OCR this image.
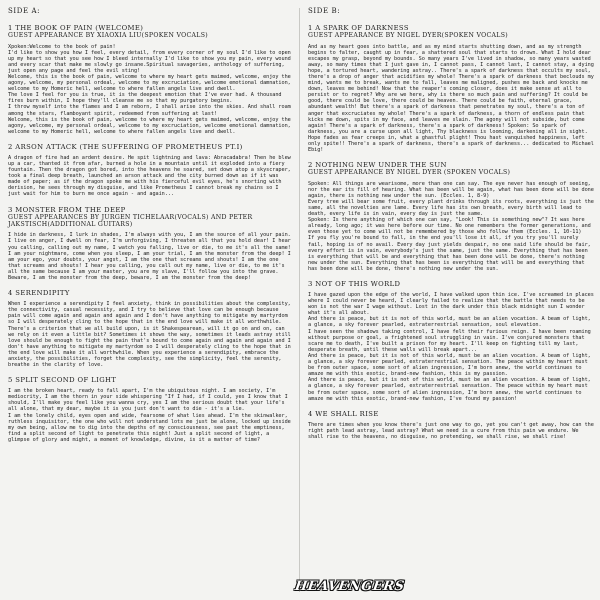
SIDE A:
1 THE BOOK OF PAIN (WELCOME)
GUEST APPEARANCE BY XIAOXIA LIU(SPOKEN VOCALS)

Xpoken:Welcome to the book of pain!

I'd like to show you how I feel, every detail, from every corner of my soul I'd like to open up my heart so that you see how I bleed internally I'd like to show you my pain, every wound and every scar that make me slowly go insane.Spiritual savageries, anthology of suffering, just open any page and feel the evil sting!

Welcome, this is the book of pain, welcome to where my heart gets maimed, welcome, enjoy the agony, welcome, my personal ordeal, welcome to my excruciation, welcome emotional damnation, welcome to my Homeric hell, welcome to where fallen angels live and dwell.

The love I feel for you is true, it is the deepest emotion that I've ever had. A thousand fires burn within, I hope they'll cleanse me so that my purgatory begins.

I throw myself into the flames and I am reborn, I shall arise into the skies. And shall roam among the stars, flamboyant spirit, redeemed from suffering at last!

Welcome, this is the book of pain, welcome to where my heart gets maimed, welcome, enjoy the agony, welcome, my personal ordeal, welcome to my excruciation, welcome emotional damnation, welcome to my Homeric hell, welcome to where fallen angels live and dwell.

2 ARSON ATTACK (THE SUFFERING OF PROMETHEUS PT.I)

A dragon of fire had an ardent desire. He spit lightning and lava: Abracadabra! Then he blew up a car, thanted it from afar, burned a hole in a mountain until it exploded into a fiery fountain. Then the dragon got bored, into the heavens he soared, set down atop a skyscraper, took a final deep breath, launched an arson attack and the city burned down as if it was made of paper; as if the dragon spoke me with his fierceful evil eyes, he's snorting with derision, he sees through my disguise, and like Prometheus I cannot break my chains so I just wait for him to burn me once again - and again...

3 MONSTER FROM THE DEEP
GUEST APPEARANCES BY JURGEN TICHELAAR(VOCALS) AND PETER JAKSTISCH(ADDITIONAL GUITARS)

I hide in darkness, I lurk in shades, I'm always with you, I am the source of all your pain. I live on anger, I dwell on fear, I'm unforgiving, I threaten all that you hold dear! I hear you calling, calling out my name, I watch you falling, live or die, to me it's all the same! I am your nightmare, come when you sleep, I am your trial, I am the monster from the deep! I am your ego, your doubts, your angst, I am the one that screams and shouts! I am the one that screams and shouts! I hear you calling, you call out my name, live or die, to me it's all the same because I am your master, you are my slave, I'll follow you into the grave. Beware, I am the monster from the deep, beware, I am the monster from the deep!

4 SERENDIPITY

When I experience a serendipity I feel anxiety, think in possibilities about the complexity, the connectivity, casual necessity, and I try to believe that love can be enough because pain will come again and again and again and I don't have anything to mitigate my martyrdom so I will desperately cling to the hope that in the end love will make it all worthwhile. There's a criterion that we all build upon, is it Shakespearean, will it go on and on, can we rely on it even a little bit? Sometimes it shows the way, sometimes it leads astray still love should be enough to fight the pain that's bound to come again and again and again and I don't have anything to mitigate my martyrdom so I will desperately cling to the hope that in the end love will make it all worthwhile. When you experience a serendipity, embrace the anxiety, the possibilities, forget the complexity, see the simplicity, feel the serenity, breathe in the clarity of love.

5 SPLIT SECOND OF LIGHT

I am the broken heart, ready to fall apart, I'm the ubiquitous night. I am society, I'm mediocrity, I am the thorn in your side whispering "If I had, if I could, yes I know that I should, I'll make you feel like you wanna cry, yes I am the serious doubt that your life's all alone, that my dear, maybe it is you just don't want to die - it's a lie.

I am the lonely child, eyes open and wide, fearsome of what lies ahead. I'm the skinwalker, ruthless inquisitor, the one who will not understand lots me just be alone, locked up inside my own being, allow me to dig into the depths of my consciousness, see past the emptiness, find a split second of light to penetrate this night! Just a split second of light, a glimpse of glory and might, a moment of knowledge, divine, is it a matter of time?

SIDE B:
1 A SPARK OF DARKNESS
GUEST APPEARANCE BY NIGEL DYER(SPOKEN VOCALS)

And as my heart goes into battle, and as my mind starts shutting down, and as my strength begins to falter, caught up in fear, a shattered soul that starts to drown. What I hold dear escapes my grasp, beyond my bounds. So many years I've lived in shadow, so many years wasted away, so many times that I just gave in, I cannot pass, I cannot last, I cannot stay, a dying hope, a tortured heart, wandering astray.. There's a spark of darkness that occults my soul, there's a drop of anger that acidifies my whole! There's a spark of darkness that beclouds my mind, wants me to break, wants me to fall, leaves me maligned, pushes me back and knocks me down, leaves me behind! Now that the reaper's coming closer, does it make sense at all to persist or to regret? Why are we here, why is there so much pain and suffering? It could be good, there could be love, there could be heaven. There could be faith, eternal grace, abundant wealth! But there's a spark of darkness that penetrates my soul, there's a ton of anger that excruciates my whole! There's a spark of darkness, a thorn of endless pain that kicks me down, spits in my face, and leaves me slain. The agony will not subside, but come again! There's a spark of darkness, there's a spark of darkness! Spoken: So spark of darkness, you are a curse upon all light, Thy blackness is looming, darkening all in sight. Hope fades as fear creeps in, what a ghastful plight! Thou hast vanquished happiness, left only spite!! There's a spark of darkness, there's a spark of darkness... dedicated to Michael Ebig!

2 NOTHING NEW UNDER THE SUN
GUEST APPEARANCE BY NIGEL DYER (SPOKEN VOCALS)

Spoken: All things are wearisome, more than one can say. The eye never has enough of seeing, nor the ear its fill of hearing. What has been will be again, what has been done will be done again, there is nothing new under the sun. (Eccles. 1, 8-9)

Every tree will bear some fruit, every plant drinks through its roots, everything is just the same, all the novelties are lame. Every life has its own breath, every birth will lead to death, every life is in vain, every day is just the same.

Spoken: Is there anything of which one can say, "Look! This is something new"? It was here already, long ago; it was here before our time. No one remembers the former generations, and even those yet to come will not be remembered by those who follow them (Eccles. 1, 10-11)

If you fly you're bound to fall, in the end you'll lose it all, if you try you'll surely fail, hoping is of no avail. Every day just yields despair, no one said life should be fair, every effort is in vain, everybody's just the same, just the same. Everything that has been is everything that will be and everything that has been done will be done, there's nothing new under the sun. Everything that has been is everything that will be and everything that has been done will be done, there's nothing new under the sun.

3 NOT OF THIS WORLD

I have gazed upon the edge of the world, I have walked upon thin ice. I've screamed in places where I could never be heard, I clearly failed to realize that the battle that needs to be won is not the war I wage without. Lost in the dark under this black midnight sun I wonder what it's all about.

And there is peace, but it is not of this world, must be an alien vocation. A beam of light, a glance, a sky forever pearled, extraterrestrial sensation, soul elevation.

I have seen the shadows taking control, I have felt their furious reign. I have been roaming without purpose or goal, a frightened soul struggling in vain. I've conjured monsters that scare me to death, I've built a prison for my heart. I'll keep on fighting till my last, desperate breath, until these walls will break apart...

And there is peace, but it is not of this world, must be an alien vocation. A beam of light, a glance, a sky forever pearled, extraterrestrial sensation. The peace within my heart must be from outer space, some sort of alien ingression, I'm born anew, the world continues to amaze me with this exotic, brand-new fashion, this is my passion.

And there is peace, but it is not of this world, must be an alien vocation. A beam of light, a glance, a sky forever pearled, extraterrestrial sensation. The peace within my heart must be from outer space, some sort of alien ingression, I'm born anew, the world continues to amaze me with this exotic, brand-new fashion, I've found my passion!

4 WE SHALL RISE

There are times when you know there's just one way to go, yet you can't get away, how can the right path lead astray, lead astray? What we need is a cure from this pain we endure. We shall rise to the heavens, no disguise, no pretending, we shall rise, we shall rise!

HEAVENGERS
